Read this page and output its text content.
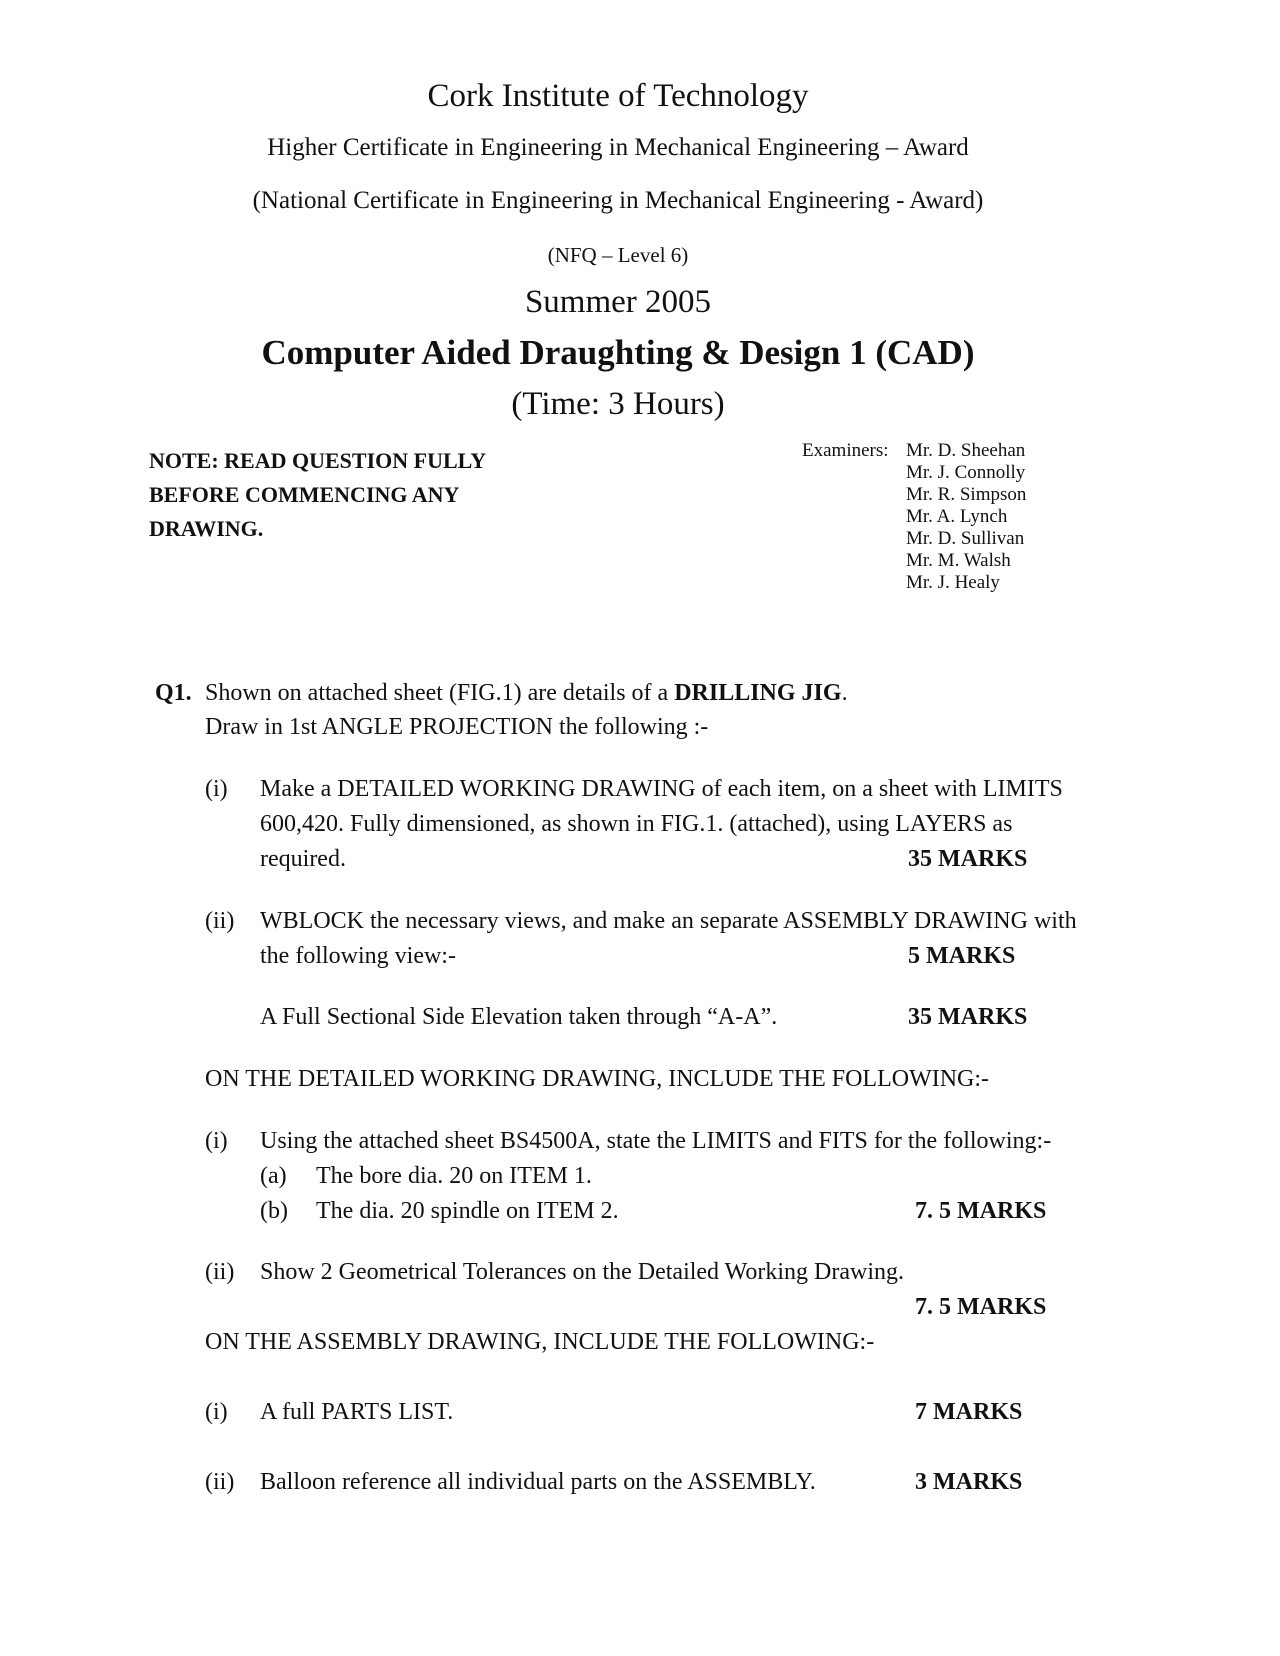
Cork Institute of Technology
Higher Certificate in Engineering in Mechanical Engineering – Award
(National Certificate in Engineering in Mechanical Engineering - Award)
(NFQ – Level 6)
Summer 2005
Computer Aided Draughting & Design 1 (CAD)
(Time: 3 Hours)
NOTE: READ QUESTION FULLY
BEFORE COMMENCING ANY
DRAWING.
Examiners: Mr. D. Sheehan
Mr. J. Connolly
Mr. R. Simpson
Mr. A. Lynch
Mr. D. Sullivan
Mr. M. Walsh
Mr. J. Healy
Q1. Shown on attached sheet (FIG.1) are details of a DRILLING JIG.
Draw in 1st ANGLE PROJECTION the following :-
(i) Make a DETAILED WORKING DRAWING of each item, on a sheet with LIMITS
600,420. Fully dimensioned, as shown in FIG.1. (attached), using LAYERS as
required.	35 MARKS
(ii) WBLOCK the necessary views, and make an separate ASSEMBLY DRAWING with
the following view:-	5 MARKS
A Full Sectional Side Elevation taken through “A-A”.	35 MARKS
ON THE DETAILED WORKING DRAWING, INCLUDE THE FOLLOWING:-
(i) Using the attached sheet BS4500A, state the LIMITS and FITS for the following:-
(a) The bore dia. 20 on ITEM 1.
(b) The dia. 20 spindle on ITEM 2.	7. 5 MARKS
(ii) Show 2 Geometrical Tolerances on the Detailed Working Drawing.
7. 5 MARKS
ON THE ASSEMBLY DRAWING, INCLUDE THE FOLLOWING:-
(i) A full PARTS LIST.	7 MARKS
(ii) Balloon reference all individual parts on the ASSEMBLY.	3 MARKS
